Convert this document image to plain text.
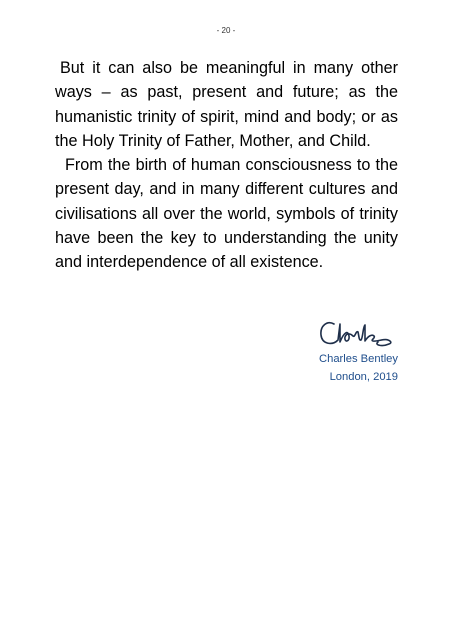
- 20 -

But it can also be meaningful in many other ways – as past, present and future; as the humanistic trinity of spirit, mind and body; or as the Holy Trinity of Father, Mother, and Child.

From the birth of human consciousness to the present day, and in many different cultures and civilisations all over the world, symbols of trinity have been the key to understanding the unity and interdependence of all existence.

Charles Bentley
London, 2019
